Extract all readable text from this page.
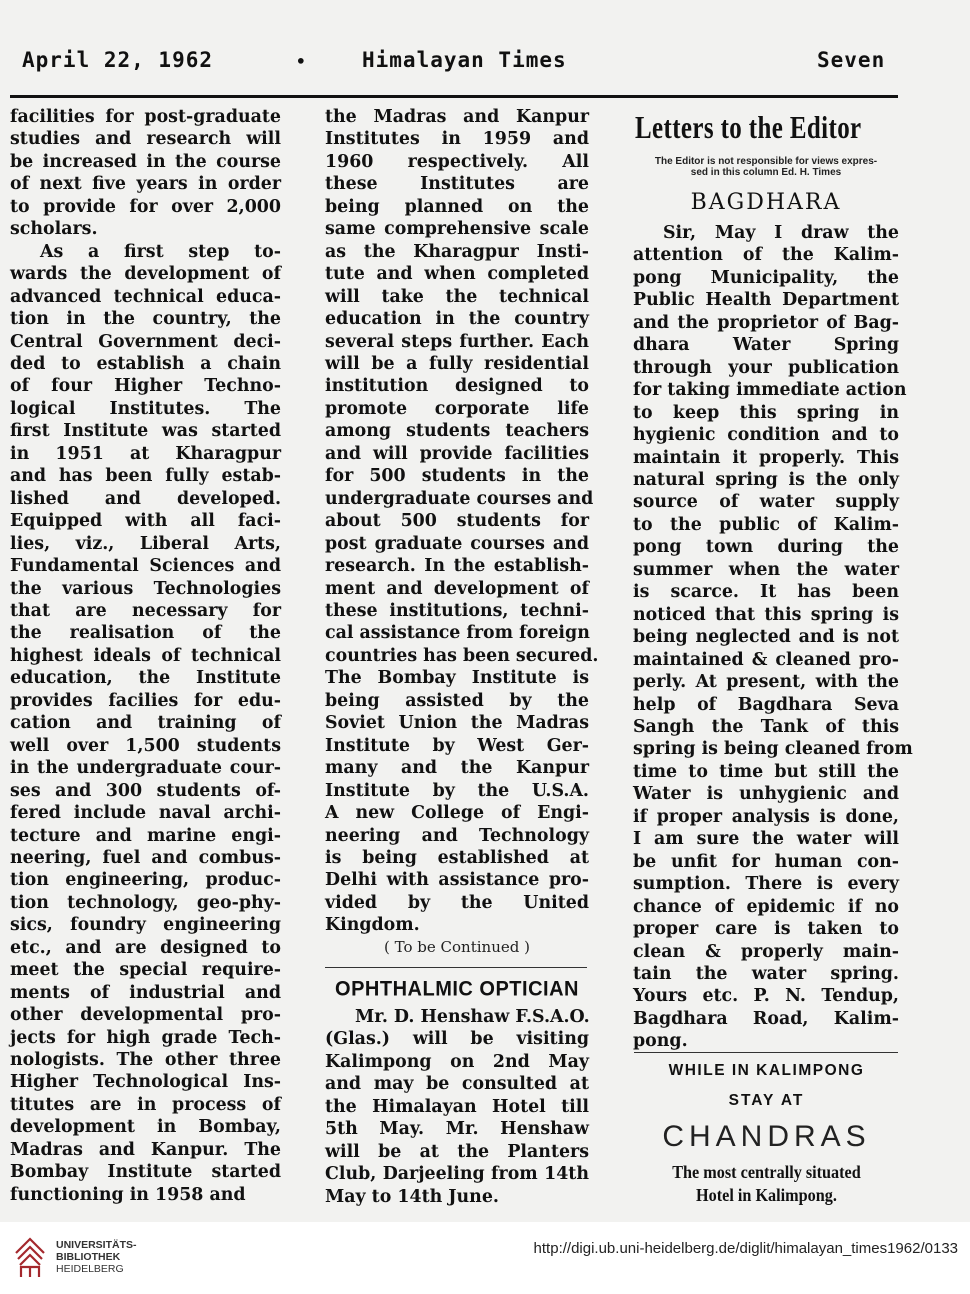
April 22, 1962	•	Himalayan Times	Seven
facilities for post-graduate
studies and research will
be increased in the course
of next five years in order
to provide for over 2,000
scholars.
As a first step to-
wards the development of
advanced technical educa-
tion in the country, the
Central Government deci-
ded to establish a chain
of four Higher Techno-
logical Institutes. The
first Institute was started
in 1951 at Kharagpur
and has been fully estab-
lished and developed.
Equipped with all faci-
lies, viz., Liberal Arts,
Fundamental Sciences and
the various Technologies
that are necessary for
the realisation of the
highest ideals of technical
education, the Institute
provides facilies for edu-
cation and training of
well over 1,500 students
in the undergraduate cour-
ses and 300 students of-
fered include naval archi-
tecture and marine engi-
neering, fuel and combus-
tion engineering, produc-
tion technology, geo-phy-
sics, foundry engineering
etc., and are designed to
meet the special require-
ments of industrial and
other developmental pro-
jects for high grade Tech-
nologists. The other three
Higher Technological Ins-
titutes are in process of
development in Bombay,
Madras and Kanpur. The
Bombay Institute started
functioning in 1958 and
the Madras and Kanpur
Institutes in 1959 and
1960 respectively. All
these Institutes are
being planned on the
same comprehensive scale
as the Kharagpur Insti-
tute and when completed
will take the technical
education in the country
several steps further. Each
will be a fully residential
institution designed to
promote corporate life
among students teachers
and will provide facilities
for 500 students in the
undergraduate courses and
about 500 students for
post graduate courses and
research. In the establish-
ment and development of
these institutions, techni-
cal assistance from foreign
countries has been secured.
The Bombay Institute is
being assisted by the
Soviet Union the Madras
Institute by West Ger-
many and the Kanpur
Institute by the U.S.A.
A new College of Engi-
neering and Technology
is being established at
Delhi with assistance pro-
vided by the United
Kingdom.
( To be Continued )
OPHTHALMIC OPTICIAN
Mr. D. Henshaw F.S.A.O.
(Glas.) will be visiting
Kalimpong on 2nd May
and may be consulted at
the Himalayan Hotel till
5th May. Mr. Henshaw
will be at the Planters
Club, Darjeeling from 14th
May to 14th June.
Letters to the Editor
The Editor is not responsible for views expres-
sed in this column Ed. H. Times
BAGDHARA
Sir, May I draw the
attention of the Kalim-
pong Municipality, the
Public Health Department
and the proprietor of Bag-
dhara Water Spring
through your publication
for taking immediate action
to keep this spring in
hygienic condition and to
maintain it properly. This
natural spring is the only
source of water supply
to the public of Kalim-
pong town during the
summer when the water
is scarce. It has been
noticed that this spring is
being neglected and is not
maintained & cleaned pro-
perly. At present, with the
help of Bagdhara Seva
Sangh the Tank of this
spring is being cleaned from
time to time but still the
Water is unhygienic and
if proper analysis is done,
I am sure the water will
be unfit for human con-
sumption. There is every
chance of epidemic if no
proper care is taken to
clean & properly main-
tain the water spring.
Yours etc. P. N. Tendup,
Bagdhara Road, Kalim-
pong.
WHILE IN KALIMPONG
STAY AT
CHANDRAS
The most centrally situated
Hotel in Kalimpong.
UNIVERSITÄTS-
BIBLIOTHEK
HEIDELBERG
http://digi.ub.uni-heidelberg.de/diglit/himalayan_times1962/0133
